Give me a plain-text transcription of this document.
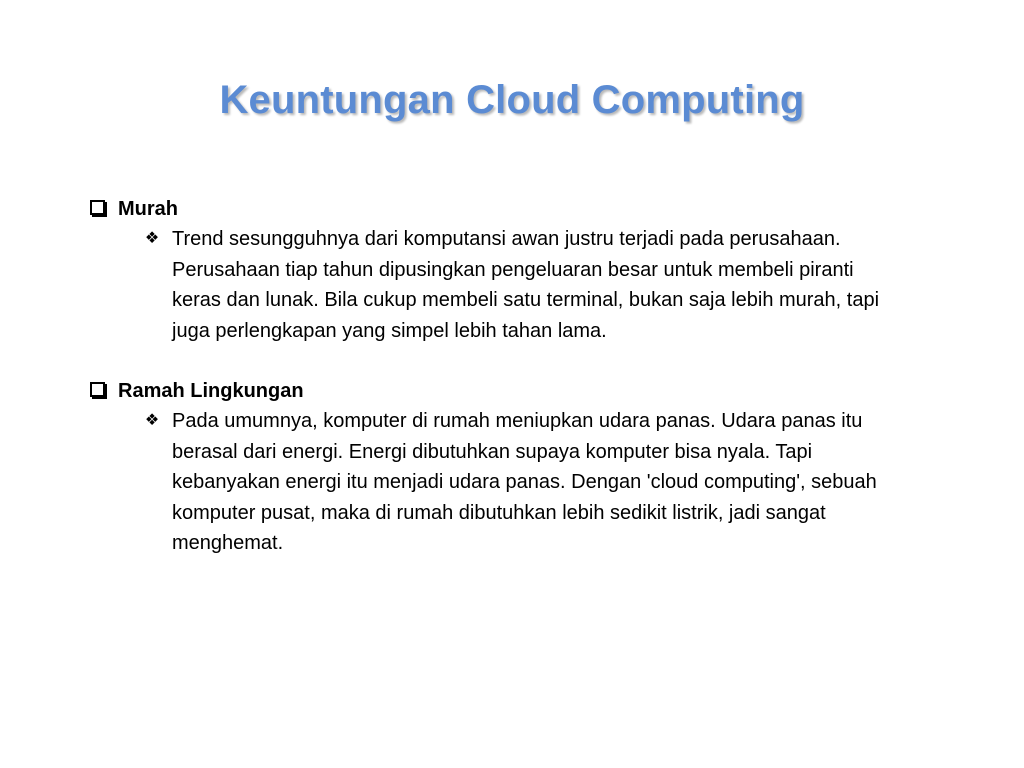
Keuntungan Cloud Computing
Murah
❖ Trend sesungguhnya dari komputansi awan justru terjadi pada perusahaan. Perusahaan tiap tahun dipusingkan pengeluaran besar untuk membeli piranti keras dan lunak. Bila cukup membeli satu terminal, bukan saja lebih murah, tapi juga perlengkapan yang simpel lebih tahan lama.
Ramah Lingkungan
❖ Pada umumnya, komputer di rumah meniupkan udara panas. Udara panas itu berasal dari energi. Energi dibutuhkan supaya komputer bisa nyala. Tapi kebanyakan energi itu menjadi udara panas. Dengan 'cloud computing', sebuah komputer pusat, maka di rumah dibutuhkan lebih sedikit listrik, jadi sangat menghemat.
